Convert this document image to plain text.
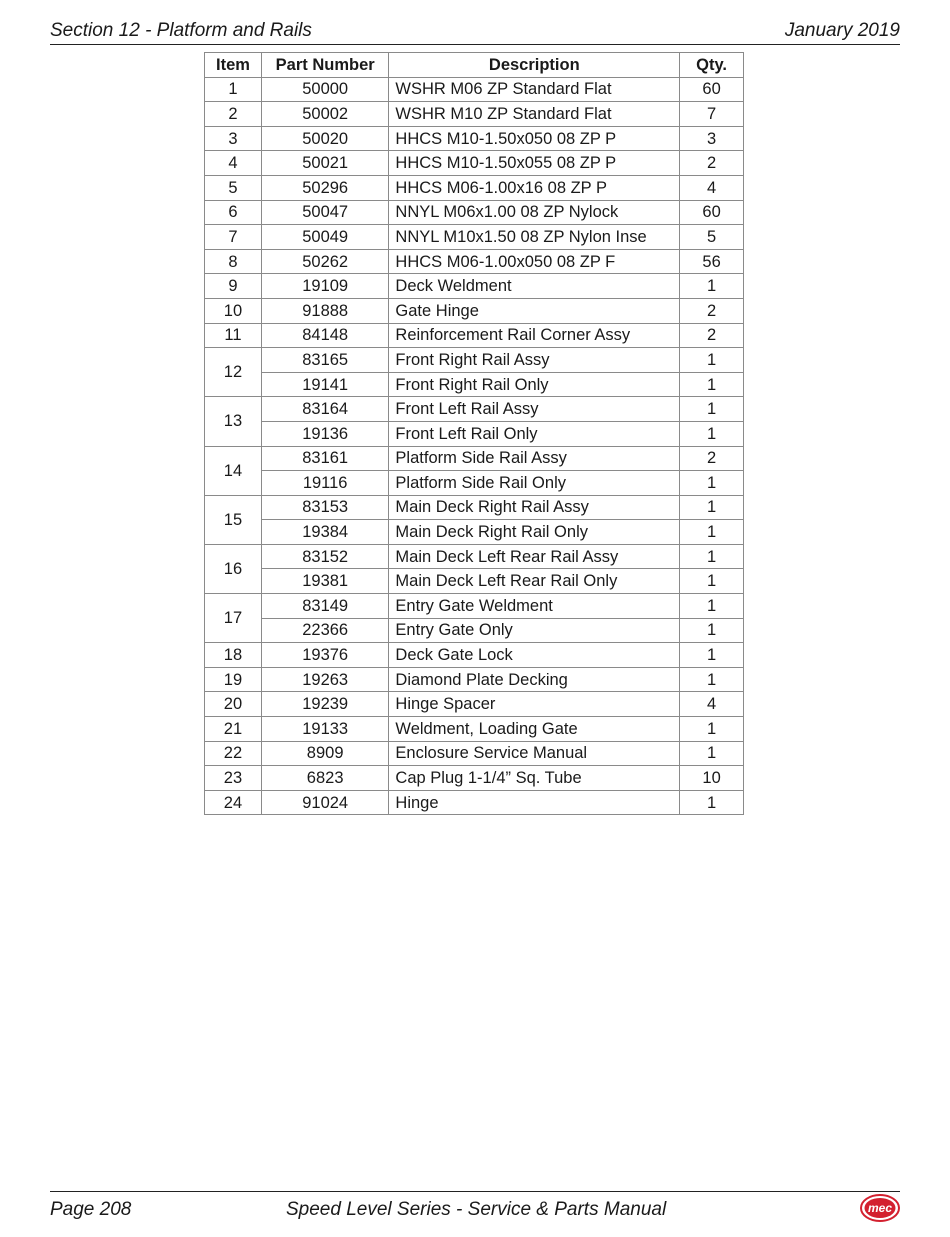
Section 12 - Platform and Rails	January 2019
Item	Part Number	Description	Qty.
1	50000	WSHR M06 ZP Standard Flat	60
2	50002	WSHR M10 ZP Standard Flat	7
3	50020	HHCS M10-1.50x050 08 ZP P	3
4	50021	HHCS M10-1.50x055 08 ZP P	2
5	50296	HHCS M06-1.00x16 08 ZP P	4
6	50047	NNYL M06x1.00 08 ZP Nylock	60
7	50049	NNYL M10x1.50 08 ZP Nylon Inse	5
8	50262	HHCS M06-1.00x050 08 ZP F	56
9	19109	Deck Weldment	1
10	91888	Gate Hinge	2
11	84148	Reinforcement Rail Corner Assy	2
12	83165	Front Right Rail Assy	1
	19141	Front Right Rail Only	1
13	83164	Front Left Rail Assy	1
	19136	Front Left Rail Only	1
14	83161	Platform Side Rail Assy	2
	19116	Platform Side Rail Only	1
15	83153	Main Deck Right Rail Assy	1
	19384	Main Deck Right Rail Only	1
16	83152	Main Deck Left Rear Rail Assy	1
	19381	Main Deck Left Rear Rail Only	1
17	83149	Entry Gate Weldment	1
	22366	Entry Gate Only	1
18	19376	Deck Gate Lock	1
19	19263	Diamond Plate Decking	1
20	19239	Hinge Spacer	4
21	19133	Weldment, Loading Gate	1
22	8909	Enclosure Service Manual	1
23	6823	Cap Plug 1-1/4” Sq. Tube	10
24	91024	Hinge	1
Page 208	Speed Level Series - Service & Parts Manual	mec
